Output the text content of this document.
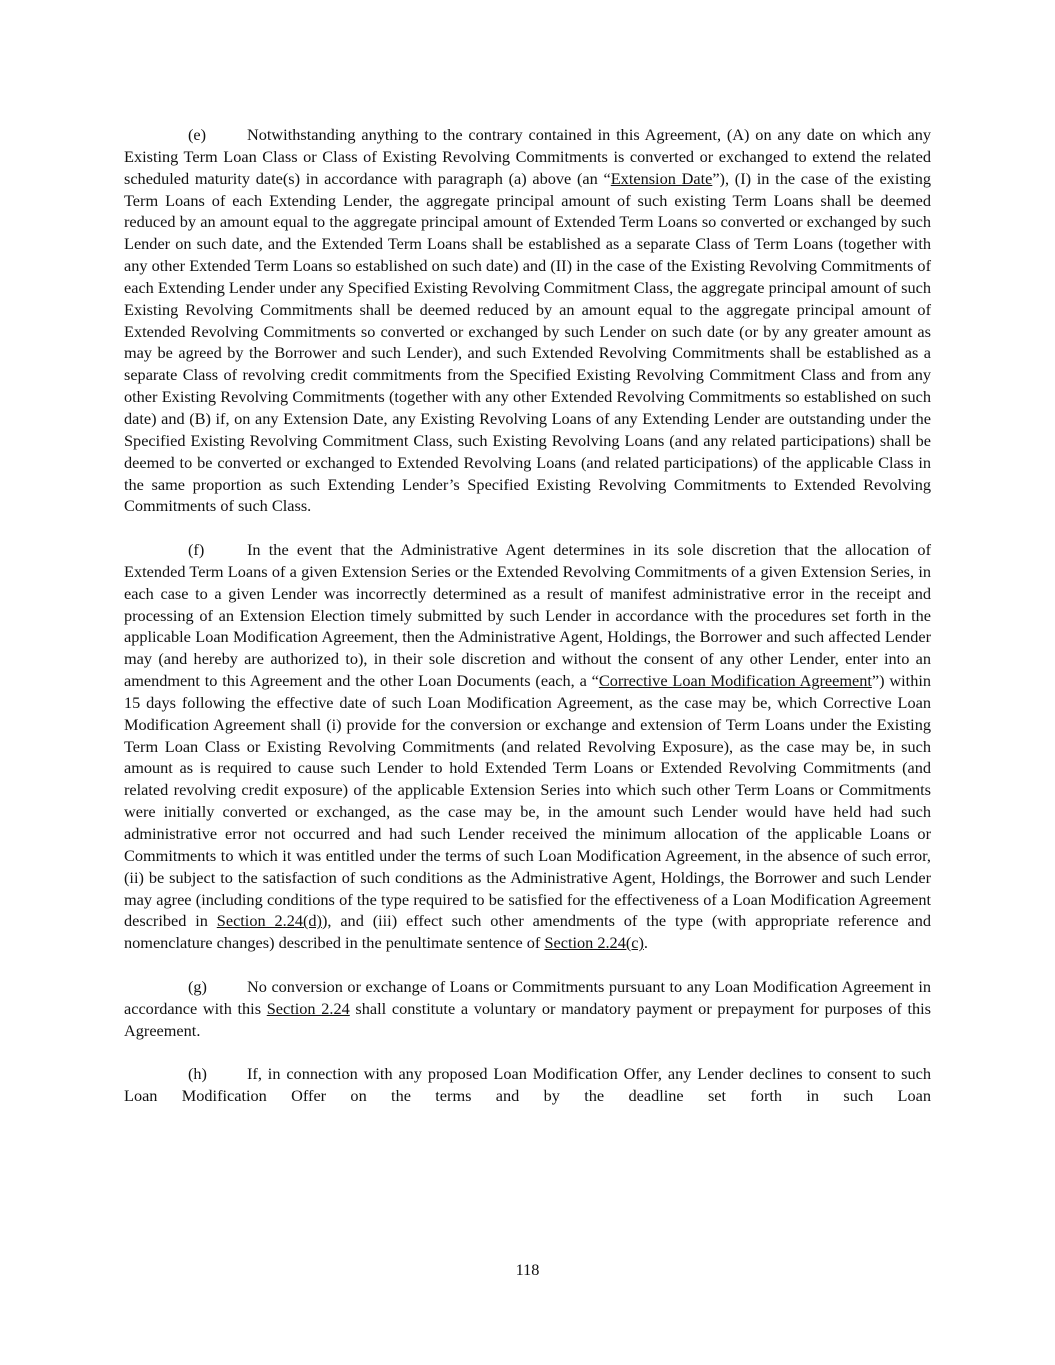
(e)	Notwithstanding anything to the contrary contained in this Agreement, (A) on any date on which any Existing Term Loan Class or Class of Existing Revolving Commitments is converted or exchanged to extend the related scheduled maturity date(s) in accordance with paragraph (a) above (an “Extension Date”), (I) in the case of the existing Term Loans of each Extending Lender, the aggregate principal amount of such existing Term Loans shall be deemed reduced by an amount equal to the aggregate principal amount of Extended Term Loans so converted or exchanged by such Lender on such date, and the Extended Term Loans shall be established as a separate Class of Term Loans (together with any other Extended Term Loans so established on such date) and (II) in the case of the Existing Revolving Commitments of each Extending Lender under any Specified Existing Revolving Commitment Class, the aggregate principal amount of such Existing Revolving Commitments shall be deemed reduced by an amount equal to the aggregate principal amount of Extended Revolving Commitments so converted or exchanged by such Lender on such date (or by any greater amount as may be agreed by the Borrower and such Lender), and such Extended Revolving Commitments shall be established as a separate Class of revolving credit commitments from the Specified Existing Revolving Commitment Class and from any other Existing Revolving Commitments (together with any other Extended Revolving Commitments so established on such date) and (B) if, on any Extension Date, any Existing Revolving Loans of any Extending Lender are outstanding under the Specified Existing Revolving Commitment Class, such Existing Revolving Loans (and any related participations) shall be deemed to be converted or exchanged to Extended Revolving Loans (and related participations) of the applicable Class in the same proportion as such Extending Lender’s Specified Existing Revolving Commitments to Extended Revolving Commitments of such Class.

(f)	In the event that the Administrative Agent determines in its sole discretion that the allocation of Extended Term Loans of a given Extension Series or the Extended Revolving Commitments of a given Extension Series, in each case to a given Lender was incorrectly determined as a result of manifest administrative error in the receipt and processing of an Extension Election timely submitted by such Lender in accordance with the procedures set forth in the applicable Loan Modification Agreement, then the Administrative Agent, Holdings, the Borrower and such affected Lender may (and hereby are authorized to), in their sole discretion and without the consent of any other Lender, enter into an amendment to this Agreement and the other Loan Documents (each, a “Corrective Loan Modification Agreement”) within 15 days following the effective date of such Loan Modification Agreement, as the case may be, which Corrective Loan Modification Agreement shall (i) provide for the conversion or exchange and extension of Term Loans under the Existing Term Loan Class or Existing Revolving Commitments (and related Revolving Exposure), as the case may be, in such amount as is required to cause such Lender to hold Extended Term Loans or Extended Revolving Commitments (and related revolving credit exposure) of the applicable Extension Series into which such other Term Loans or Commitments were initially converted or exchanged, as the case may be, in the amount such Lender would have held had such administrative error not occurred and had such Lender received the minimum allocation of the applicable Loans or Commitments to which it was entitled under the terms of such Loan Modification Agreement, in the absence of such error, (ii) be subject to the satisfaction of such conditions as the Administrative Agent, Holdings, the Borrower and such Lender may agree (including conditions of the type required to be satisfied for the effectiveness of a Loan Modification Agreement described in Section 2.24(d)), and (iii) effect such other amendments of the type (with appropriate reference and nomenclature changes) described in the penultimate sentence of Section 2.24(c).

(g) No conversion or exchange of Loans or Commitments pursuant to any Loan Modification Agreement in accordance with this Section 2.24 shall constitute a voluntary or mandatory payment or prepayment for purposes of this Agreement.

(h) If, in connection with any proposed Loan Modification Offer, any Lender declines to consent to such Loan Modification Offer on the terms and by the deadline set forth in such Loan

118
